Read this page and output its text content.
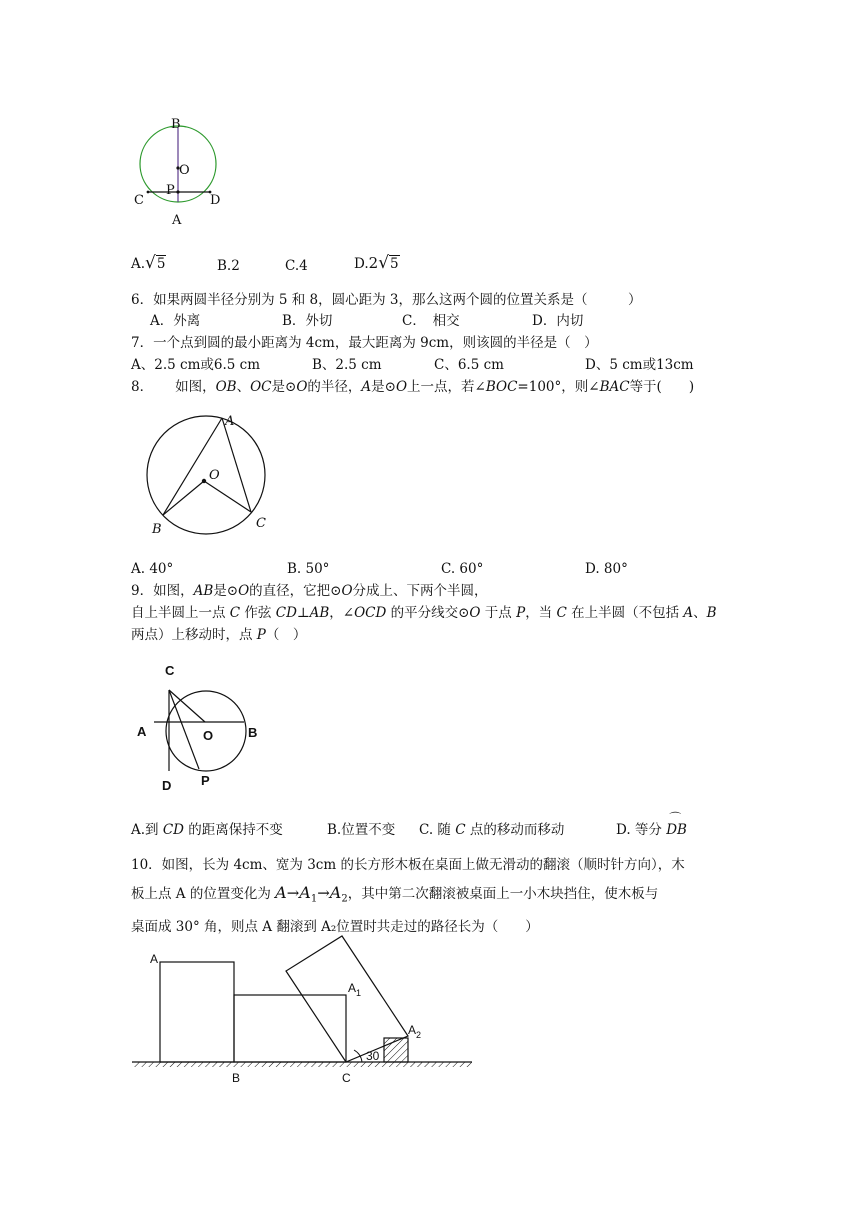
B
O
C
P
D
A
A.√5	B.2	C.4	D.2√5
6．如果两圆半径分别为 5 和 8，圆心距为 3，那么这两个圆的位置关系是（　　　）
A．外离	B．外切	C．　相交	D．内切
7．一个点到圆的最小距离为 4cm，最大距离为 9cm，则该圆的半径是（　）
A、2.5 cm或6.5 cm	B、2.5 cm	C、6.5 cm	D、5 cm或13cm
8． 如图，OB、OC是⊙O的半径，A是⊙O上一点，若∠BOC=100°，则∠BAC等于(　　)
A
O
B	C
A. 40°	B. 50°	C. 60°	D. 80°
9．如图，AB是⊙O的直径，它把⊙O分成上、下两个半圆，
自上半圆上一点 C 作弦 CD⊥AB，∠OCD 的平分线交⊙O 于点 P，当 C 在上半圆（不包括 A、B
两点）上移动时，点 P（　）
C
A	O	B
D P
A.到 CD 的距离保持不变	B.位置不变 C. 随 C 点的移动而移动	D. 等分
⌒
DB
10．如图，长为 4cm、宽为 3cm 的长方形木板在桌面上做无滑动的翻滚（顺时针方向），木
板上点 A 的位置变化为 $A\to A_1\to A_2$，其中第二次翻滚被桌面上一小木块挡住，使木板与
桌面成 30° 角，则点 A 翻滚到 A₂位置时共走过的路径长为（　　）
A
$A_1$
$A_2$
30
B	C
